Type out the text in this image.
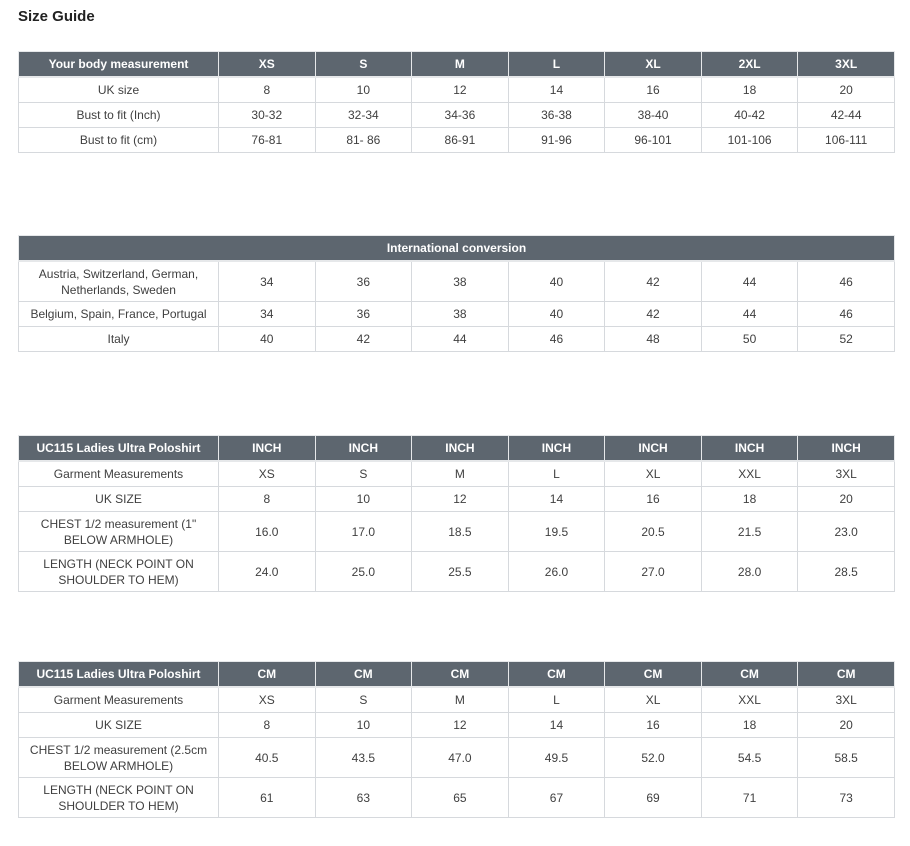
Size Guide
Your body measurement	XS	S	M	L	XL	2XL	3XL
UK size	8	10	12	14	16	18	20
Bust to fit (Inch)	30-32	32-34	34-36	36-38	38-40	40-42	42-44
Bust to fit (cm)	76-81	81- 86	86-91	91-96	96-101	101-106	106-111
International conversion							
Austria, Switzerland, German, Netherlands, Sweden	34	36	38	40	42	44	46
Belgium, Spain, France, Portugal	34	36	38	40	42	44	46
Italy	40	42	44	46	48	50	52
UC115 Ladies Ultra Poloshirt	INCH	INCH	INCH	INCH	INCH	INCH	INCH
Garment Measurements	XS	S	M	L	XL	XXL	3XL
UK SIZE	8	10	12	14	16	18	20
CHEST 1/2 measurement (1" BELOW ARMHOLE)	16.0	17.0	18.5	19.5	20.5	21.5	23.0
LENGTH (NECK POINT ON SHOULDER TO HEM)	24.0	25.0	25.5	26.0	27.0	28.0	28.5
UC115 Ladies Ultra Poloshirt	CM	CM	CM	CM	CM	CM	CM
Garment Measurements	XS	S	M	L	XL	XXL	3XL
UK SIZE	8	10	12	14	16	18	20
CHEST 1/2 measurement (2.5cm BELOW ARMHOLE)	40.5	43.5	47.0	49.5	52.0	54.5	58.5
LENGTH (NECK POINT ON SHOULDER TO HEM)	61	63	65	67	69	71	73
